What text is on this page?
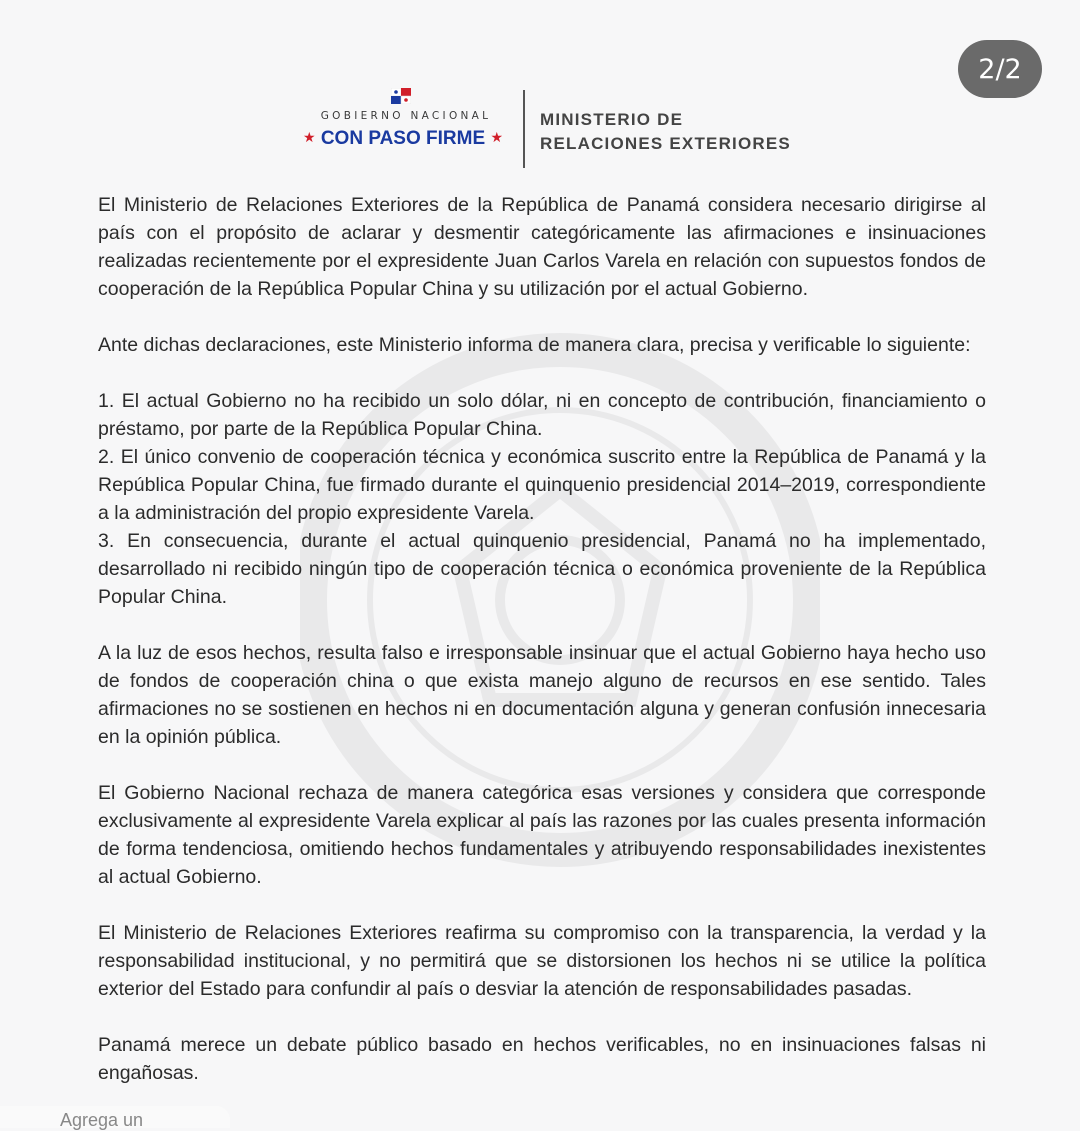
2/2
GOBIERNO NACIONAL
★ CON PASO FIRME ★
MINISTERIO DE
RELACIONES EXTERIORES

El Ministerio de Relaciones Exteriores de la República de Panamá considera necesario dirigirse al país con el propósito de aclarar y desmentir categóricamente las afirmaciones e insinuaciones realizadas recientemente por el expresidente Juan Carlos Varela en relación con supuestos fondos de cooperación de la República Popular China y su utilización por el actual Gobierno.

Ante dichas declaraciones, este Ministerio informa de manera clara, precisa y verificable lo siguiente:

1. El actual Gobierno no ha recibido un solo dólar, ni en concepto de contribución, financiamiento o préstamo, por parte de la República Popular China.

2. El único convenio de cooperación técnica y económica suscrito entre la República de Panamá y la República Popular China, fue firmado durante el quinquenio presidencial 2014–2019, correspondiente a la administración del propio expresidente Varela.

3. En consecuencia, durante el actual quinquenio presidencial, Panamá no ha implementado, desarrollado ni recibido ningún tipo de cooperación técnica o económica proveniente de la República Popular China.

A la luz de esos hechos, resulta falso e irresponsable insinuar que el actual Gobierno haya hecho uso de fondos de cooperación china o que exista manejo alguno de recursos en ese sentido. Tales afirmaciones no se sostienen en hechos ni en documentación alguna y generan confusión innecesaria en la opinión pública.

El Gobierno Nacional rechaza de manera categórica esas versiones y considera que corresponde exclusivamente al expresidente Varela explicar al país las razones por las cuales presenta información de forma tendenciosa, omitiendo hechos fundamentales y atribuyendo responsabilidades inexistentes al actual Gobierno.

El Ministerio de Relaciones Exteriores reafirma su compromiso con la transparencia, la verdad y la responsabilidad institucional, y no permitirá que se distorsionen los hechos ni se utilice la política exterior del Estado para confundir al país o desviar la atención de responsabilidades pasadas.

Panamá merece un debate público basado en hechos verificables, no en insinuaciones falsas ni engañosas.

Agrega un
